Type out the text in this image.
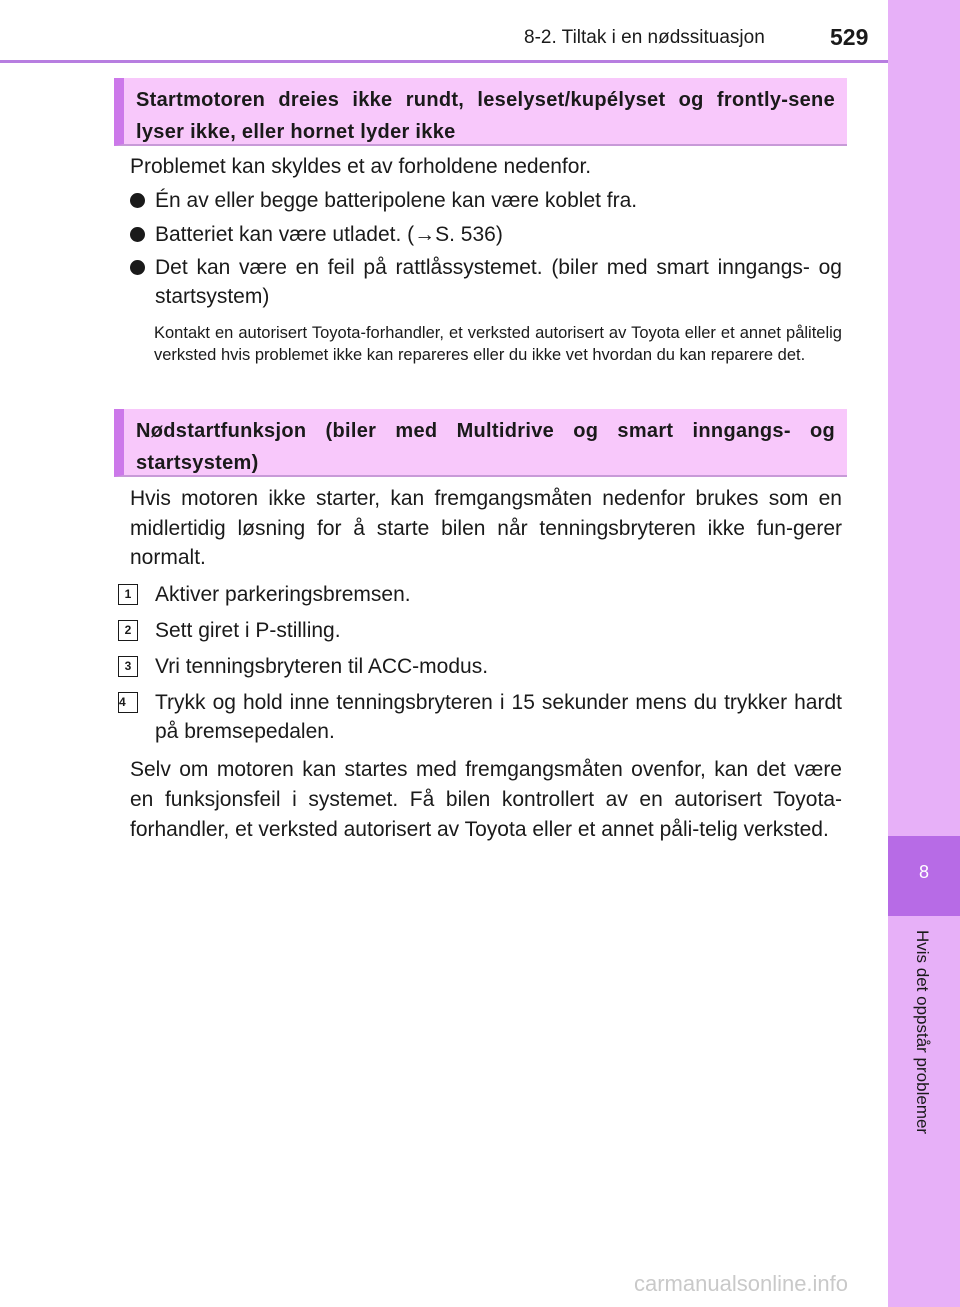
8
Hvis det oppstår problemer
8-2. Tiltak i en nødssituasjon	529
Startmotoren dreies ikke rundt, leselyset/kupélyset og frontly-sene lyser ikke, eller hornet lyder ikke
Problemet kan skyldes et av forholdene nedenfor.
Én av eller begge batteripolene kan være koblet fra.
Batteriet kan være utladet. (→S. 536)
Det kan være en feil på rattlåssystemet. (biler med smart inngangs- og startsystem)
Kontakt en autorisert Toyota-forhandler, et verksted autorisert av Toyota eller et annet pålitelig verksted hvis problemet ikke kan repareres eller du ikke vet hvordan du kan reparere det.
Nødstartfunksjon (biler med Multidrive og smart inngangs- og startsystem)
Hvis motoren ikke starter, kan fremgangsmåten nedenfor brukes som en midlertidig løsning for å starte bilen når tenningsbryteren ikke fun-gerer normalt.
1	Aktiver parkeringsbremsen.
2	Sett giret i P-stilling.
3	Vri tenningsbryteren til ACC-modus.
4	Trykk og hold inne tenningsbryteren i 15 sekunder mens du trykker hardt på bremsepedalen.
Selv om motoren kan startes med fremgangsmåten ovenfor, kan det være en funksjonsfeil i systemet. Få bilen kontrollert av en autorisert Toyota-forhandler, et verksted autorisert av Toyota eller et annet påli-telig verksted.
carmanualsonline.info
